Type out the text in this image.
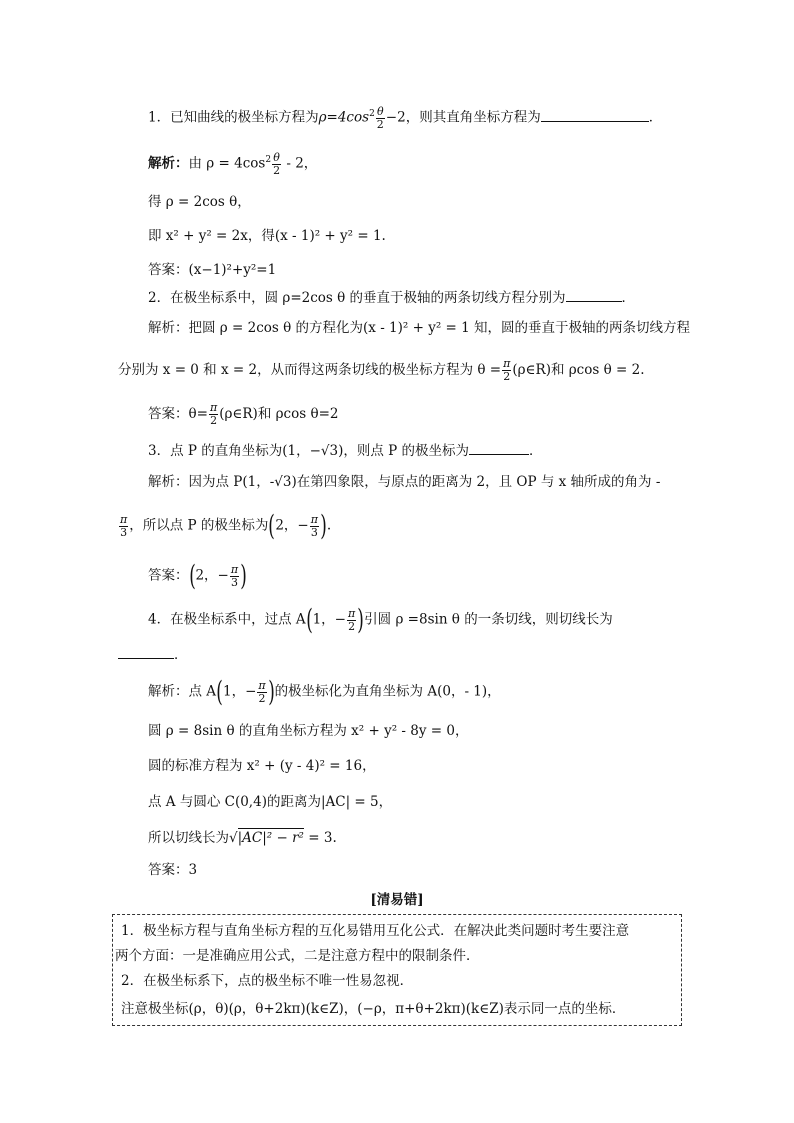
1．已知曲线的极坐标方程为$\rho=4\cos^2 \frac{\theta}{2} -2$，则其直角坐标方程为	．
解析：由 $\rho = 4\cos^2 \frac{\theta}{2} - 2$，
得 ρ = 2cos θ，
即 x² + y² = 2x，得(x - 1)² + y² = 1.
答案：(x−1)²+y²=1
2．在极坐标系中，圆 ρ=2cos θ 的垂直于极轴的两条切线方程分别为	．
解析：把圆 ρ = 2cos θ 的方程化为(x - 1)² + y² = 1 知，圆的垂直于极轴的两条切线方程
分别为 x = 0 和 x = 2，从而得这两条切线的极坐标方程为 $\theta = \frac{\pi}{2}$ (ρ∈R)和 ρcos θ = 2.
答案：$\theta= \frac{\pi}{2}$ (ρ∈R)和 ρcos θ=2
3．点 P 的直角坐标为(1，−√3)，则点 P 的极坐标为	．
解析：因为点 P(1，-√3)在第四象限，与原点的距离为 2，且 OP 与 x 轴所成的角为 -
$\frac{\pi}{3}$ ，所以点 P 的极坐标为(2，− $\frac{\pi}{3}$ ).
答案：(2，− $\frac{\pi}{3}$ )
4．在极坐标系中，过点 A(1，− $\frac{\pi}{2}$ )引圆 ρ =8sin θ 的一条切线，则切线长为
．
解析：点 A(1，− $\frac{\pi}{2}$ )的极坐标化为直角坐标为 A(0，- 1)，
圆 ρ = 8sin θ 的直角坐标方程为 x² + y² - 8y = 0，
圆的标准方程为 x² + (y - 4)² = 16，
点 A 与圆心 C(0,4)的距离为|AC| = 5，
所以切线长为√|AC|² − r² = 3.
答案：3
[清易错]
1．极坐标方程与直角坐标方程的互化易错用互化公式．在解决此类问题时考生要注意
两个方面：一是准确应用公式，二是注意方程中的限制条件．
2．在极坐标系下，点的极坐标不唯一性易忽视．
注意极坐标(ρ，θ)(ρ，θ+2kπ)(k∈Z)，(−ρ，π+θ+2kπ)(k∈Z)表示同一点的坐标．
